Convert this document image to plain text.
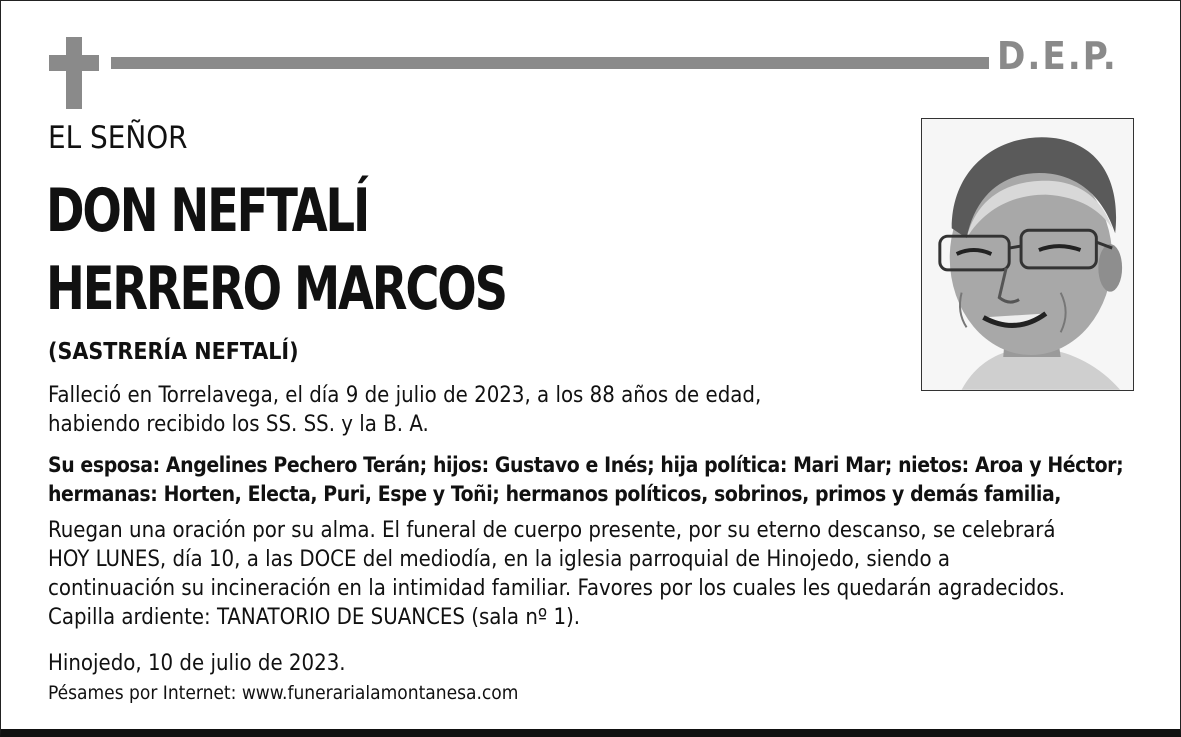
D.E.P.
EL SEÑOR
DON NEFTALÍ
HERRERO MARCOS
(SASTRERÍA NEFTALÍ)
Falleció en Torrelavega, el día 9 de julio de 2023, a los 88 años de edad,
habiendo recibido los SS. SS. y la B. A.
Su esposa: Angelines Pechero Terán; hijos: Gustavo e Inés; hija política: Mari Mar; nietos: Aroa y Héctor;
hermanas: Horten, Electa, Puri, Espe y Toñi; hermanos políticos, sobrinos, primos y demás familia,
Ruegan una oración por su alma. El funeral de cuerpo presente, por su eterno descanso, se celebrará
HOY LUNES, día 10, a las DOCE del mediodía, en la iglesia parroquial de Hinojedo, siendo a
continuación su incineración en la intimidad familiar. Favores por los cuales les quedarán agradecidos.
Capilla ardiente: TANATORIO DE SUANCES (sala nº 1).
Hinojedo, 10 de julio de 2023.
Pésames por Internet: www.funerarialamontanesa.com
